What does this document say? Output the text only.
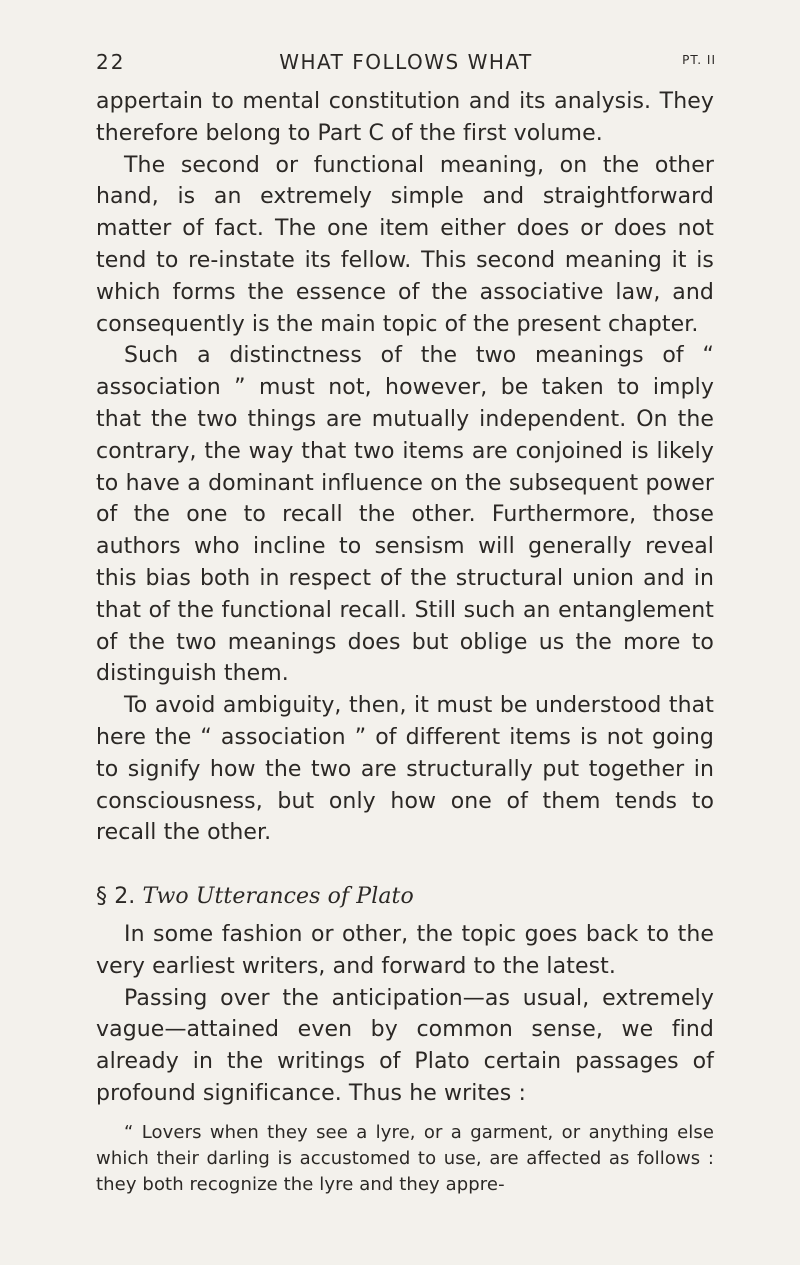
22	WHAT FOLLOWS WHAT	PT. II

appertain to mental constitution and its analysis. They therefore belong to Part C of the first volume.

The second or functional meaning, on the other hand, is an extremely simple and straightforward matter of fact. The one item either does or does not tend to re-instate its fellow. This second meaning it is which forms the essence of the associative law, and consequently is the main topic of the present chapter.

Such a distinctness of the two meanings of “ association ” must not, however, be taken to imply that the two things are mutually independent. On the contrary, the way that two items are conjoined is likely to have a dominant influence on the subsequent power of the one to recall the other. Furthermore, those authors who incline to sensism will generally reveal this bias both in respect of the structural union and in that of the functional recall. Still such an entanglement of the two meanings does but oblige us the more to distinguish them.

To avoid ambiguity, then, it must be understood that here the “ association ” of different items is not going to signify how the two are structurally put together in consciousness, but only how one of them tends to recall the other.

§ 2. Two Utterances of Plato

In some fashion or other, the topic goes back to the very earliest writers, and forward to the latest.

Passing over the anticipation—as usual, extremely vague—attained even by common sense, we find already in the writings of Plato certain passages of profound significance. Thus he writes :

“ Lovers when they see a lyre, or a garment, or anything else which their darling is accustomed to use, are affected as follows : they both recognize the lyre and they appre-
